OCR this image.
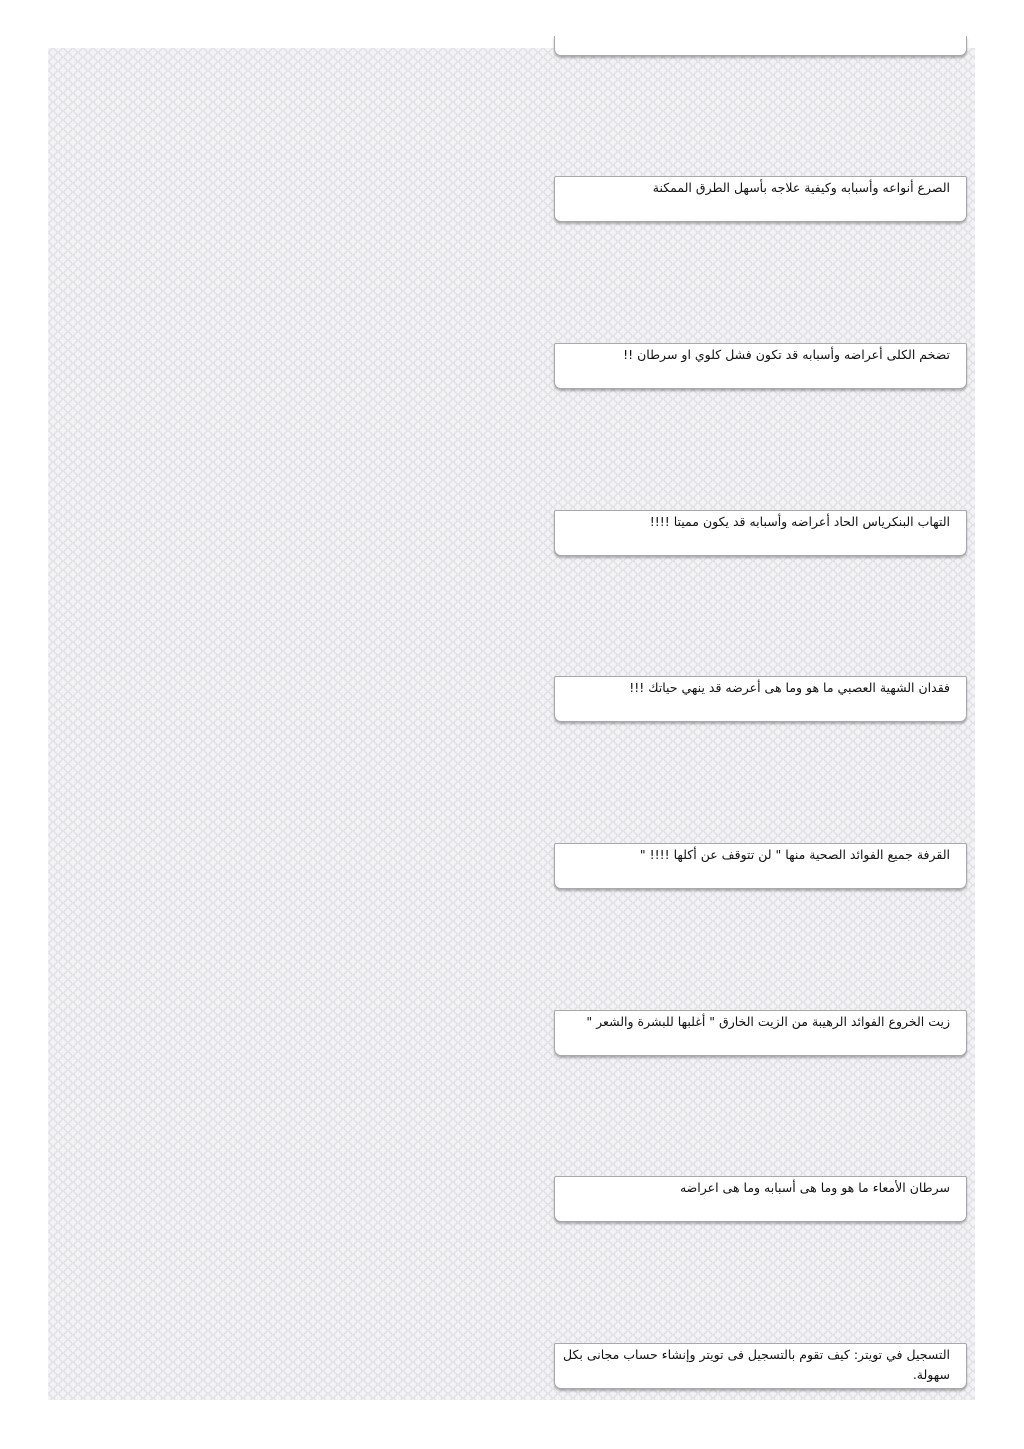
الصرع أنواعه وأسبابه وكيفية علاجه بأسهل الطرق الممكنة
تضخم الكلى أعراضه وأسبابه قد تكون فشل كلوي او سرطان !!
التهاب البنكرياس الحاد أعراضه وأسبابه قد يكون مميتا !!!!
فقدان الشهية العصبي ما هو وما هى أعرضه قد ينهي حياتك !!!
القرفة جميع الفوائد الصحية منها " لن تتوقف عن أكلها !!!! "
زيت الخروع الفوائد الرهيبة من الزيت الخارق " أغلبها للبشرة والشعر "
سرطان الأمعاء ما هو وما هى أسبابه وما هى اعراضه
التسجيل في تويتر: كيف تقوم بالتسجيل فى تويتر وإنشاء حساب مجانى بكل سهولة.
